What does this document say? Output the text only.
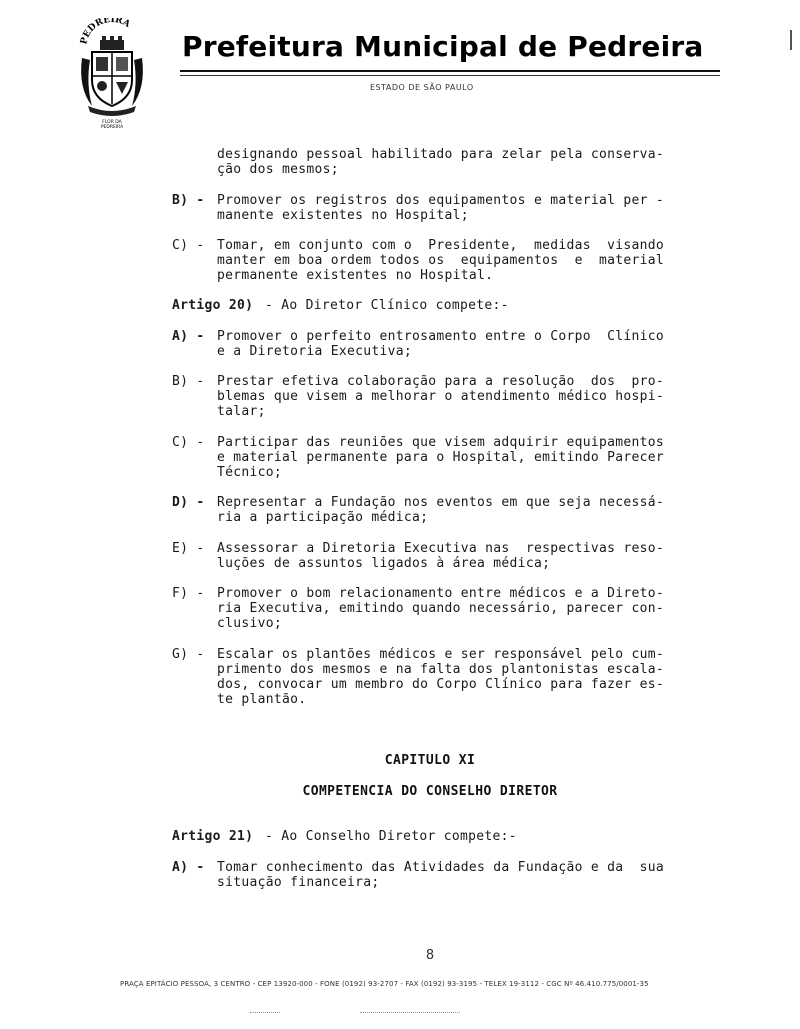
PEDREIRA
FLOR DA
PEDREIRA
Prefeitura Municipal de Pedreira
ESTADO DE SÃO PAULO
designando pessoal habilitado para zelar pela conserva-
ção dos mesmos;
B) - Promover os registros dos equipamentos e material per -
manente existentes no Hospital;
C) - Tomar, em conjunto com o  Presidente,  medidas  visando
manter em boa ordem todos os  equipamentos  e  material
permanente existentes no Hospital.
Artigo 20) - Ao Diretor Clínico compete:-
A) - Promover o perfeito entrosamento entre o Corpo  Clínico
e a Diretoria Executiva;
B) - Prestar efetiva colaboração para a resolução  dos  pro-
blemas que visem a melhorar o atendimento médico hospi-
talar;
C) - Participar das reuniões que visem adquirir equipamentos
e material permanente para o Hospital, emitindo Parecer
Técnico;
D) - Representar a Fundação nos eventos em que seja necessá-
ria a participação médica;
E) - Assessorar a Diretoria Executiva nas  respectivas reso-
luções de assuntos ligados à área médica;
F) - Promover o bom relacionamento entre médicos e a Direto-
ria Executiva, emitindo quando necessário, parecer con-
clusivo;
G) - Escalar os plantões médicos e ser responsável pelo cum-
primento dos mesmos e na falta dos plantonistas escala-
dos, convocar um membro do Corpo Clínico para fazer es-
te plantão.
CAPITULO XI
COMPETENCIA DO CONSELHO DIRETOR
Artigo 21) - Ao Conselho Diretor compete:-
A) - Tomar conhecimento das Atividades da Fundação e da  sua
situação financeira;
8
PRAÇA EPITÁCIO PESSOA, 3 CENTRO - CEP 13920-000 - FONE (0192) 93-2707 - FAX (0192) 93-3195 - TELEX 19-3112 - CGC Nº 46.410.775/0001-35
